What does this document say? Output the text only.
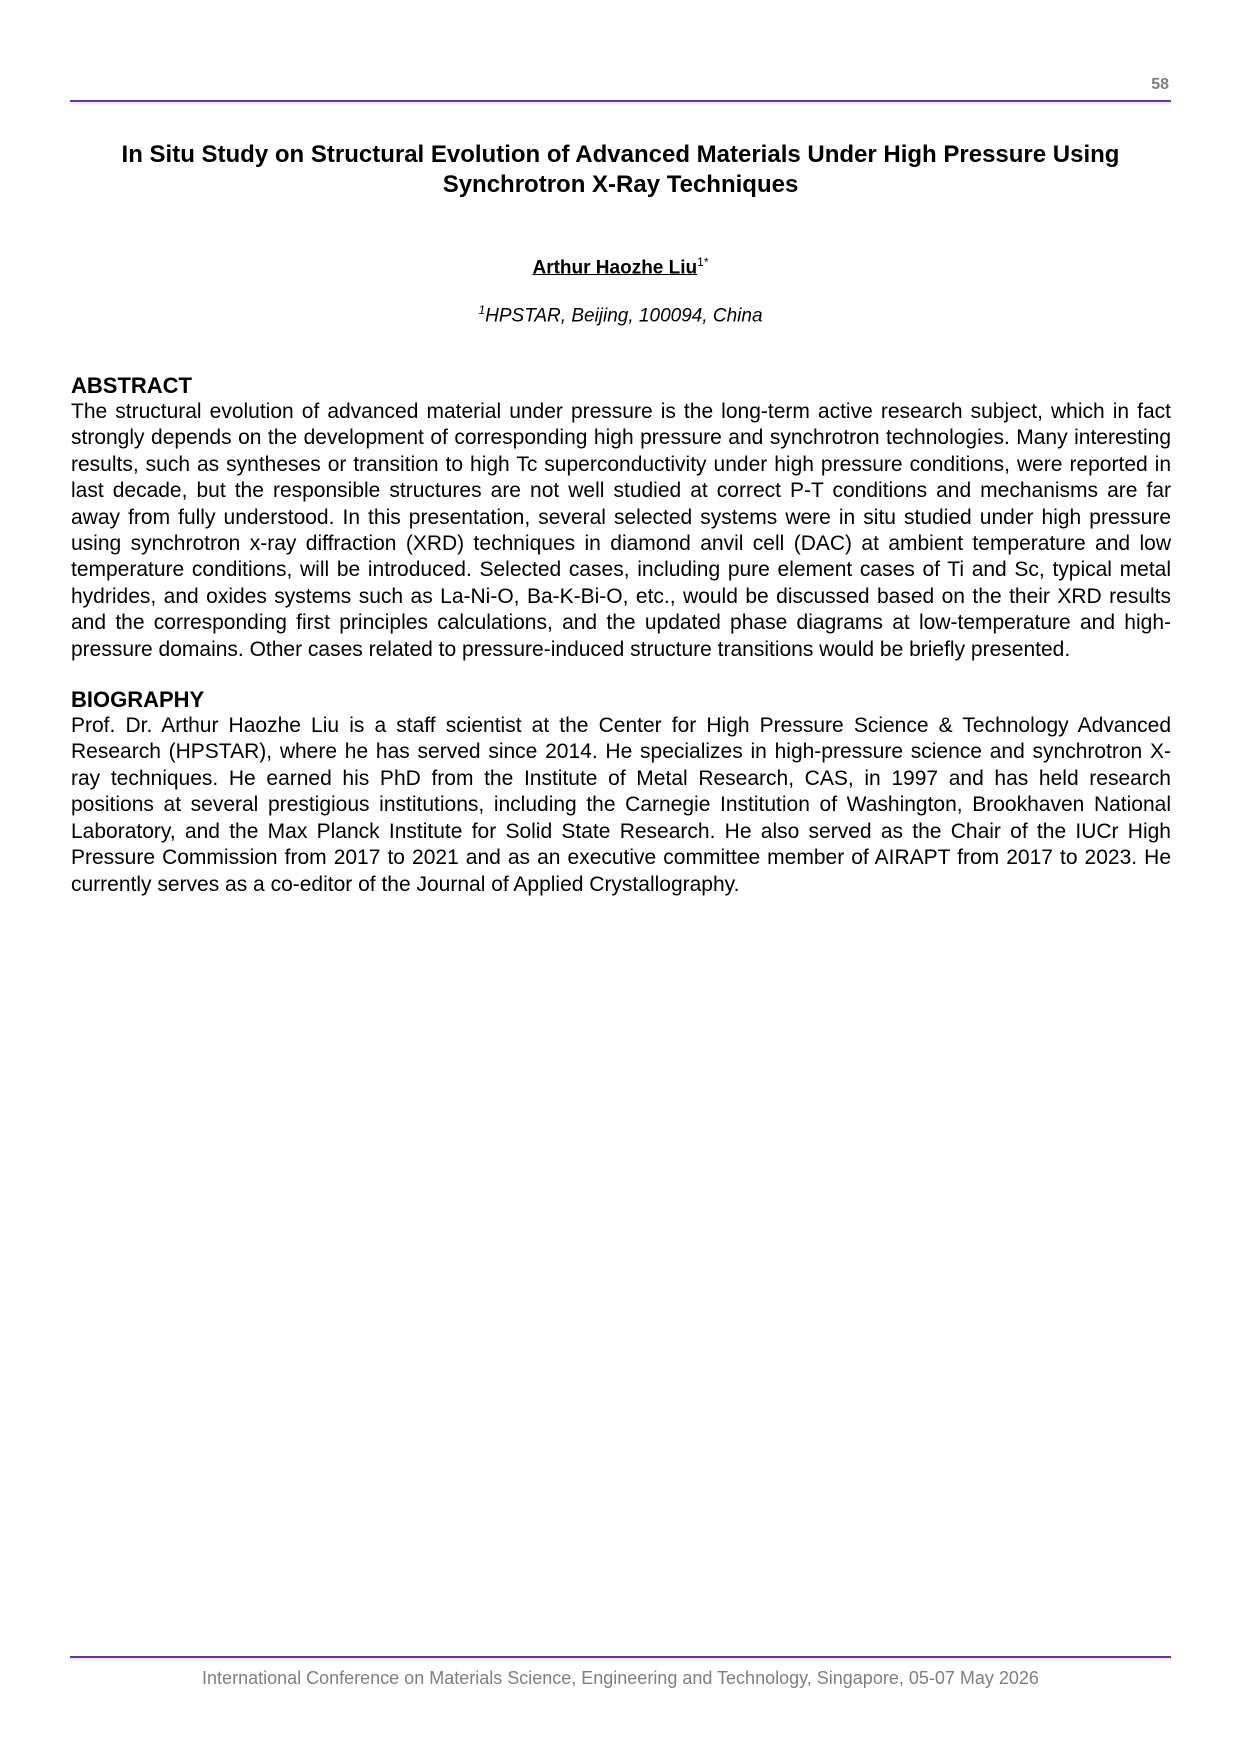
58
In Situ Study on Structural Evolution of Advanced Materials Under High Pressure Using
Synchrotron X-Ray Techniques
Arthur Haozhe Liu$^{1*}$
$^1$HPSTAR, Beijing, 100094, China

ABSTRACT

The structural evolution of advanced material under pressure is the long-term active research subject, which in fact strongly depends on the development of corresponding high pressure and synchrotron technologies. Many interesting results, such as syntheses or transition to high Tc superconductivity under high pressure conditions, were reported in last decade, but the responsible structures are not well studied at correct P-T conditions and mechanisms are far away from fully understood. In this presentation, several selected systems were in situ studied under high pressure using synchrotron x-ray diffraction (XRD) techniques in diamond anvil cell (DAC) at ambient temperature and low temperature conditions, will be introduced. Selected cases, including pure element cases of Ti and Sc, typical metal hydrides, and oxides systems such as La-Ni-O, Ba-K-Bi-O, etc., would be discussed based on the their XRD results and the corresponding first principles calculations, and the updated phase diagrams at low-temperature and high-pressure domains. Other cases related to pressure-induced structure transitions would be briefly presented.

BIOGRAPHY

Prof. Dr. Arthur Haozhe Liu is a staff scientist at the Center for High Pressure Science & Technology Advanced Research (HPSTAR), where he has served since 2014. He specializes in high-pressure science and synchrotron X-ray techniques. He earned his PhD from the Institute of Metal Research, CAS, in 1997 and has held research positions at several prestigious institutions, including the Carnegie Institution of Washington, Brookhaven National Laboratory, and the Max Planck Institute for Solid State Research. He also served as the Chair of the IUCr High Pressure Commission from 2017 to 2021 and as an executive committee member of AIRAPT from 2017 to 2023. He currently serves as a co-editor of the Journal of Applied Crystallography.

International Conference on Materials Science, Engineering and Technology, Singapore, 05-07 May 2026
